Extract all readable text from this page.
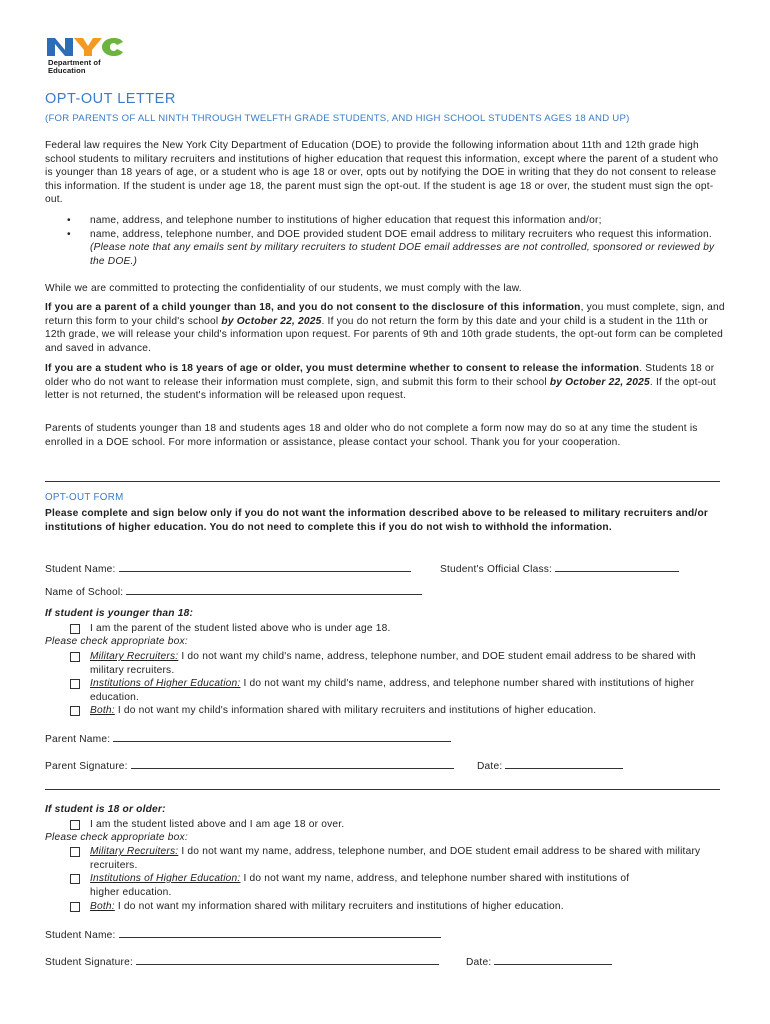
Department of
Education
OPT-OUT LETTER
(FOR PARENTS OF ALL NINTH THROUGH TWELFTH GRADE STUDENTS, AND HIGH SCHOOL STUDENTS AGES 18 AND UP)

Federal law requires the New York City Department of Education (DOE) to provide the following information about 11th and 12th grade high school students to military recruiters and institutions of higher education that request this information, except where the parent of a student who is younger than 18 years of age, or a student who is age 18 or over, opts out by notifying the DOE in writing that they do not consent to release this information. If the student is under age 18, the parent must sign the opt-out. If the student is age 18 or over, the student must sign the opt-out.

• name, address, and telephone number to institutions of higher education that request this information and/or;
• name, address, telephone number, and DOE provided student DOE email address to military recruiters who request this information. (Please note that any emails sent by military recruiters to student DOE email addresses are not controlled, sponsored or reviewed by the DOE.)

While we are committed to protecting the confidentiality of our students, we must comply with the law.

If you are a parent of a child younger than 18, and you do not consent to the disclosure of this information, you must complete, sign, and return this form to your child's school by October 22, 2025. If you do not return the form by this date and your child is a student in the 11th or 12th grade, we will release your child's information upon request. For parents of 9th and 10th grade students, the opt-out form can be completed and saved in advance.

If you are a student who is 18 years of age or older, you must determine whether to consent to release the information. Students 18 or older who do not want to release their information must complete, sign, and submit this form to their school by October 22, 2025. If the opt-out letter is not returned, the student's information will be released upon request.

Parents of students younger than 18 and students ages 18 and older who do not complete a form now may do so at any time the student is enrolled in a DOE school. For more information or assistance, please contact your school. Thank you for your cooperation.

OPT-OUT FORM

Please complete and sign below only if you do not want the information described above to be released to military recruiters and/or institutions of higher education. You do not need to complete this if you do not wish to withhold the information.

Student Name:	Student's Official Class:
Name of School:
If student is younger than 18:
I am the parent of the student listed above who is under age 18.
Please check appropriate box:
Military Recruiters: I do not want my child's name, address, telephone number, and DOE student email address to be shared with military recruiters.
Institutions of Higher Education: I do not want my child's name, address, and telephone number shared with institutions of higher education.
Both: I do not want my child's information shared with military recruiters and institutions of higher education.
Parent Name:
Parent Signature:	Date:
If student is 18 or older:
I am the student listed above and I am age 18 or over.
Please check appropriate box:
Military Recruiters: I do not want my name, address, telephone number, and DOE student email address to be shared with military recruiters.
Institutions of Higher Education: I do not want my name, address, and telephone number shared with institutions of higher education.
Both: I do not want my information shared with military recruiters and institutions of higher education.
Student Name:
Student Signature:	Date:
